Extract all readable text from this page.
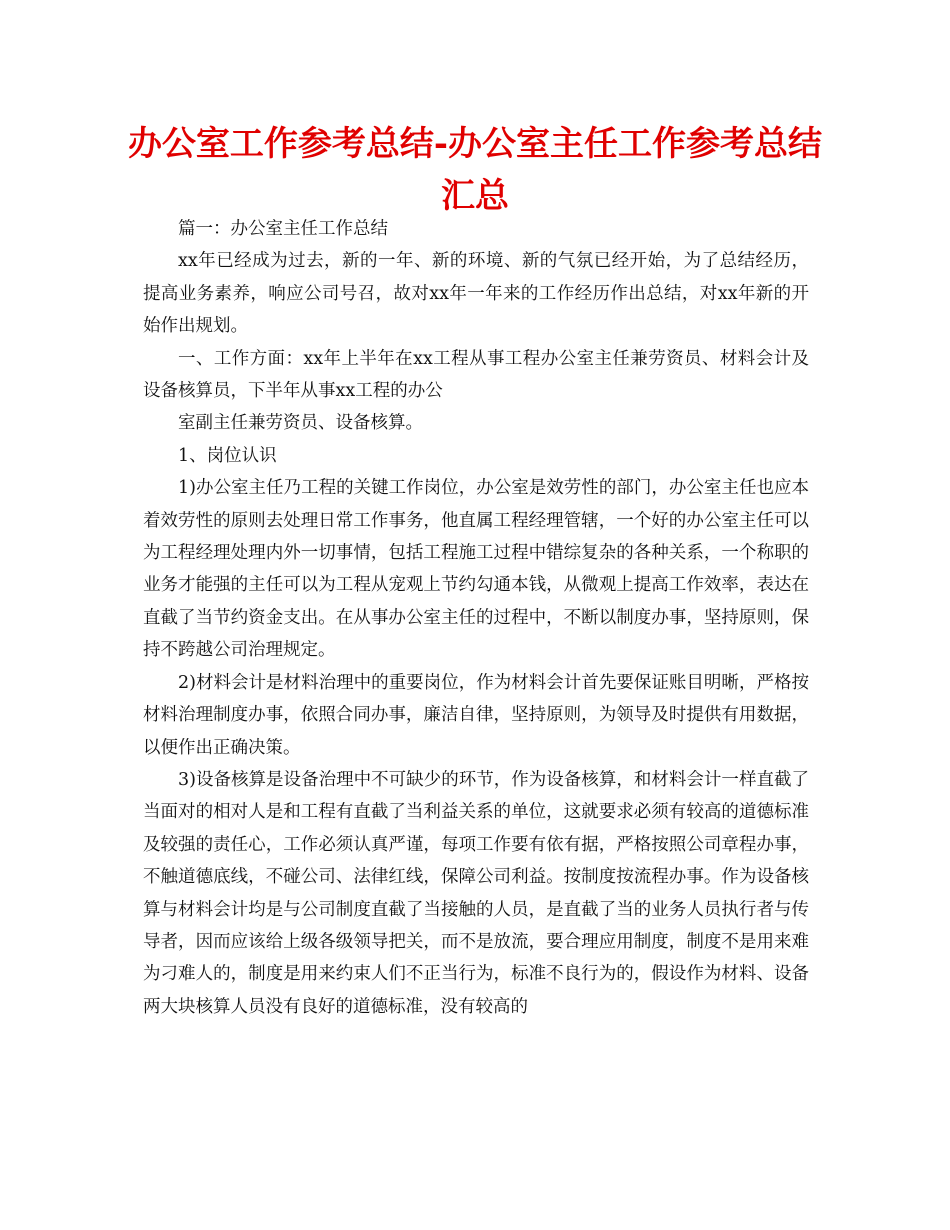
办公室工作参考总结-办公室主任工作参考总结汇总

篇一：办公室主任工作总结

xx年已经成为过去，新的一年、新的环境、新的气氛已经开始，为了总结经历，提高业务素养，响应公司号召，故对xx年一年来的工作经历作出总结，对xx年新的开始作出规划。

一、工作方面：xx年上半年在xx工程从事工程办公室主任兼劳资员、材料会计及设备核算员，下半年从事xx工程的办公

室副主任兼劳资员、设备核算。

1、岗位认识

1)办公室主任乃工程的关键工作岗位，办公室是效劳性的部门，办公室主任也应本着效劳性的原则去处理日常工作事务，他直属工程经理管辖，一个好的办公室主任可以为工程经理处理内外一切事情，包括工程施工过程中错综复杂的各种关系，一个称职的业务才能强的主任可以为工程从宠观上节约勾通本钱，从微观上提高工作效率，表达在直截了当节约资金支出。在从事办公室主任的过程中，不断以制度办事，坚持原则，保持不跨越公司治理规定。

2)材料会计是材料治理中的重要岗位，作为材料会计首先要保证账目明晰，严格按材料治理制度办事，依照合同办事，廉洁自律，坚持原则，为领导及时提供有用数据，以便作出正确决策。

3)设备核算是设备治理中不可缺少的环节，作为设备核算，和材料会计一样直截了当面对的相对人是和工程有直截了当利益关系的单位，这就要求必须有较高的道德标准及较强的责任心，工作必须认真严谨，每项工作要有依有据，严格按照公司章程办事，不触道德底线，不碰公司、法律红线，保障公司利益。按制度按流程办事。作为设备核算与材料会计均是与公司制度直截了当接触的人员，是直截了当的业务人员执行者与传导者，因而应该给上级各级领导把关，而不是放流，要合理应用制度，制度不是用来难为刁难人的，制度是用来约束人们不正当行为，标准不良行为的，假设作为材料、设备两大块核算人员没有良好的道德标准，没有较高的
